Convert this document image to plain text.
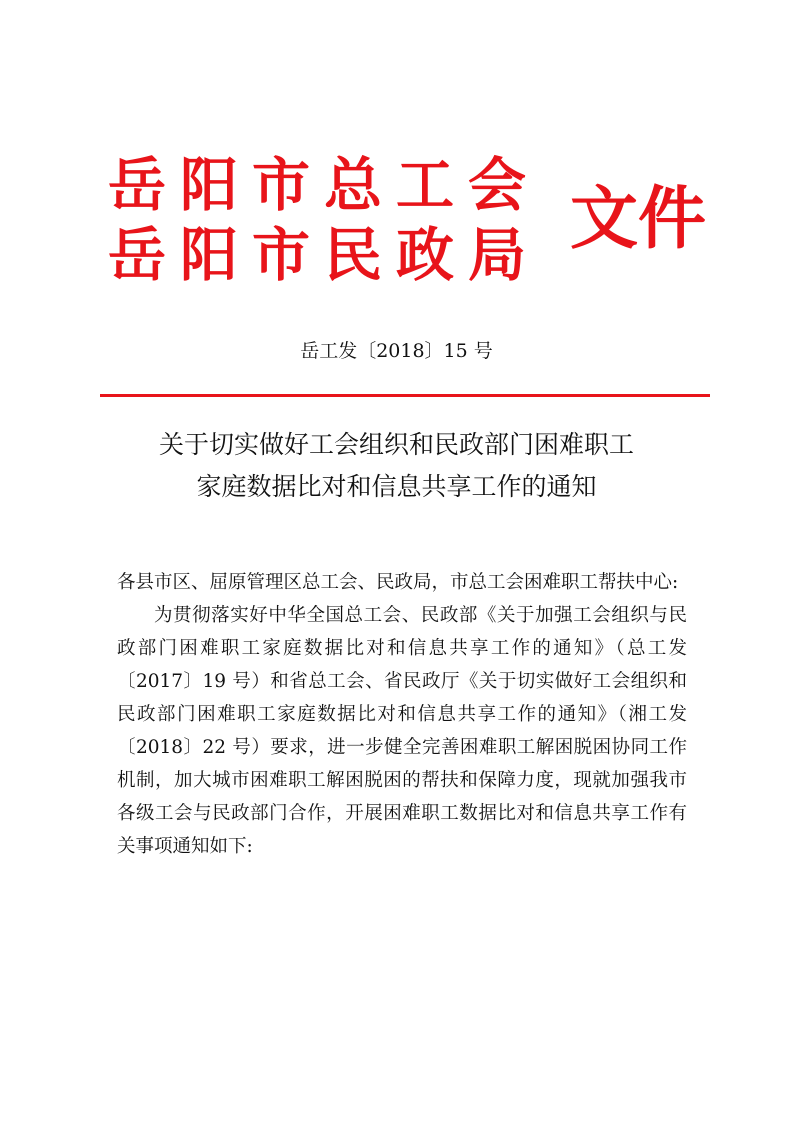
岳阳市总工会
岳阳市民政局 文件
岳工发〔2018〕15 号
关于切实做好工会组织和民政部门困难职工
家庭数据比对和信息共享工作的通知

各县市区、屈原管理区总工会、民政局，市总工会困难职工帮扶中心:

为贯彻落实好中华全国总工会、民政部《关于加强工会组织与民政部门困难职工家庭数据比对和信息共享工作的通知》（总工发〔2017〕19 号）和省总工会、省民政厅《关于切实做好工会组织和民政部门困难职工家庭数据比对和信息共享工作的通知》（湘工发〔2018〕22 号）要求，进一步健全完善困难职工解困脱困协同工作机制，加大城市困难职工解困脱困的帮扶和保障力度，现就加强我市各级工会与民政部门合作，开展困难职工数据比对和信息共享工作有关事项通知如下:
